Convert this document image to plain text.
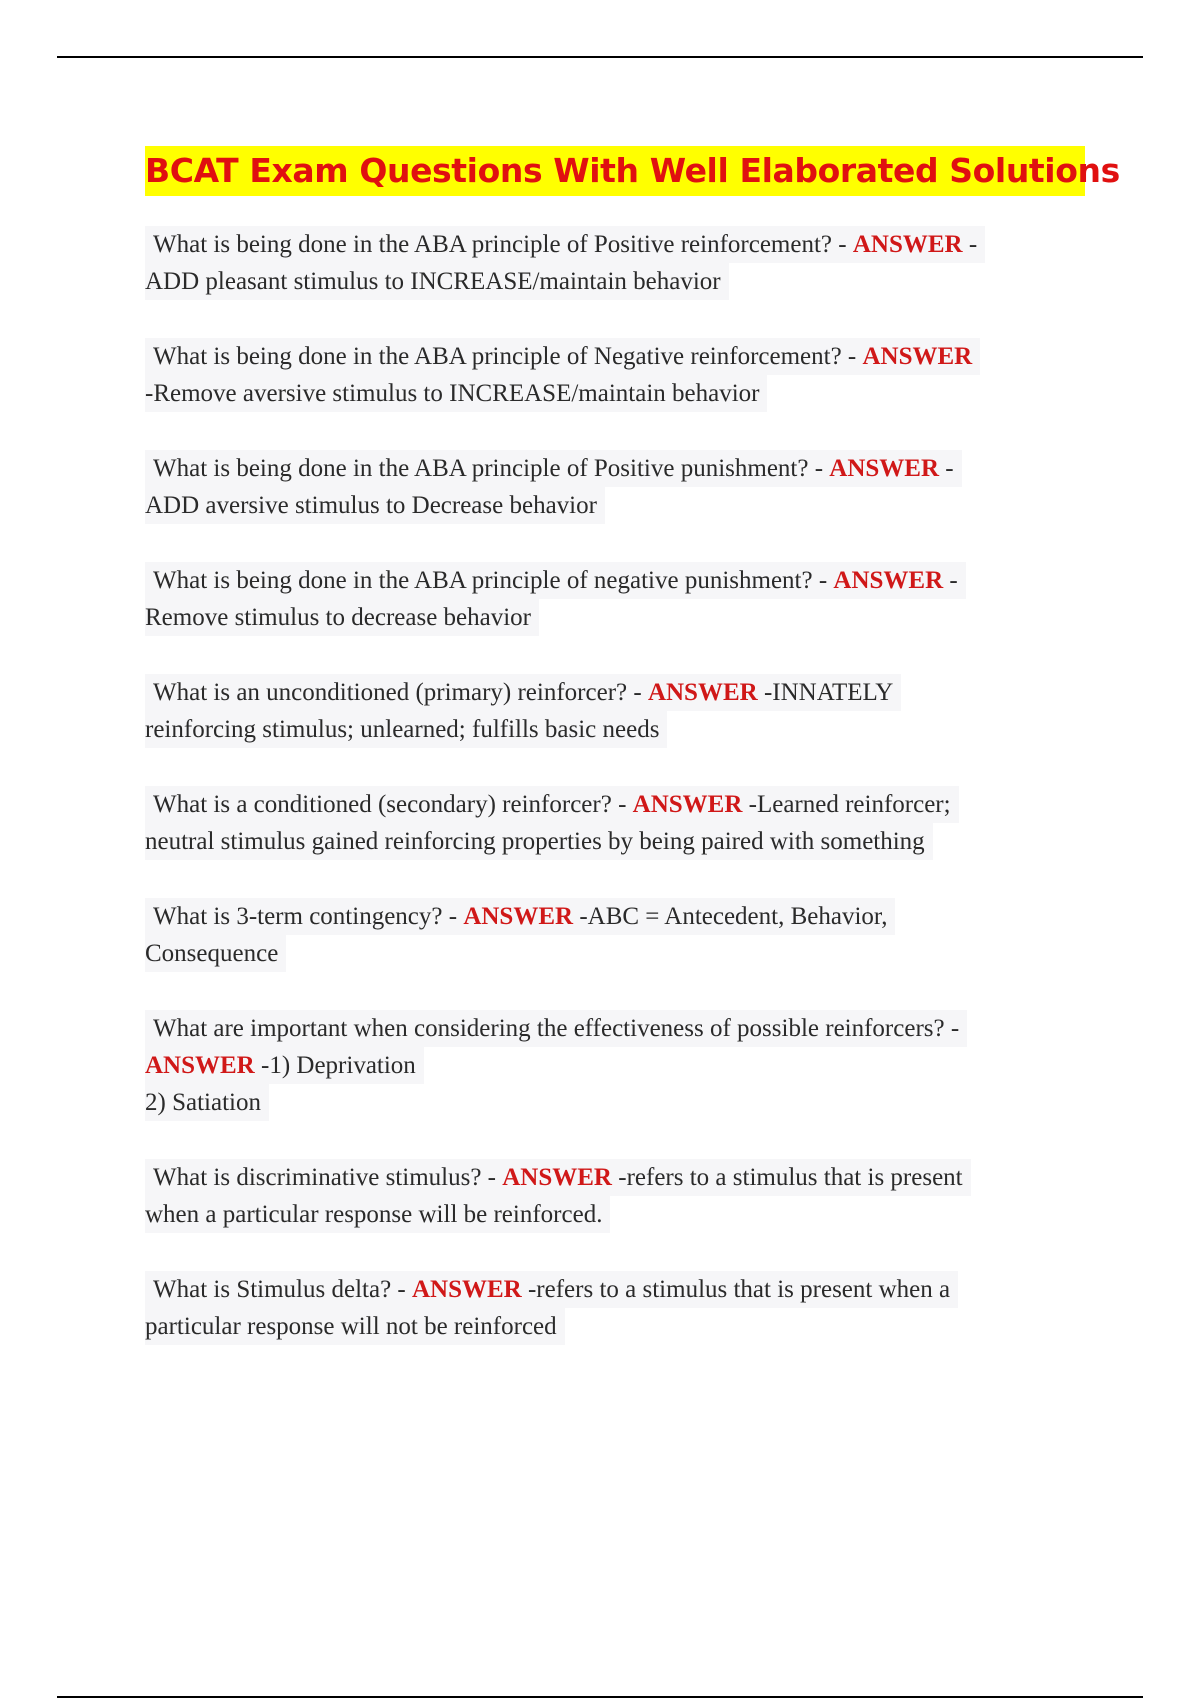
BCAT Exam Questions With Well Elaborated Solutions
What is being done in the ABA principle of Positive reinforcement? - ANSWER -
ADD pleasant stimulus to INCREASE/maintain behavior
What is being done in the ABA principle of Negative reinforcement? - ANSWER
-Remove aversive stimulus to INCREASE/maintain behavior
What is being done in the ABA principle of Positive punishment? - ANSWER -
ADD aversive stimulus to Decrease behavior
What is being done in the ABA principle of negative punishment? - ANSWER -
Remove stimulus to decrease behavior
What is an unconditioned (primary) reinforcer? - ANSWER -INNATELY
reinforcing stimulus; unlearned; fulfills basic needs
What is a conditioned (secondary) reinforcer? - ANSWER -Learned reinforcer;
neutral stimulus gained reinforcing properties by being paired with something
What is 3-term contingency? - ANSWER -ABC = Antecedent, Behavior,
Consequence
What are important when considering the effectiveness of possible reinforcers? -
ANSWER -1) Deprivation
2) Satiation
What is discriminative stimulus? - ANSWER -refers to a stimulus that is present
when a particular response will be reinforced.
What is Stimulus delta? - ANSWER -refers to a stimulus that is present when a
particular response will not be reinforced
